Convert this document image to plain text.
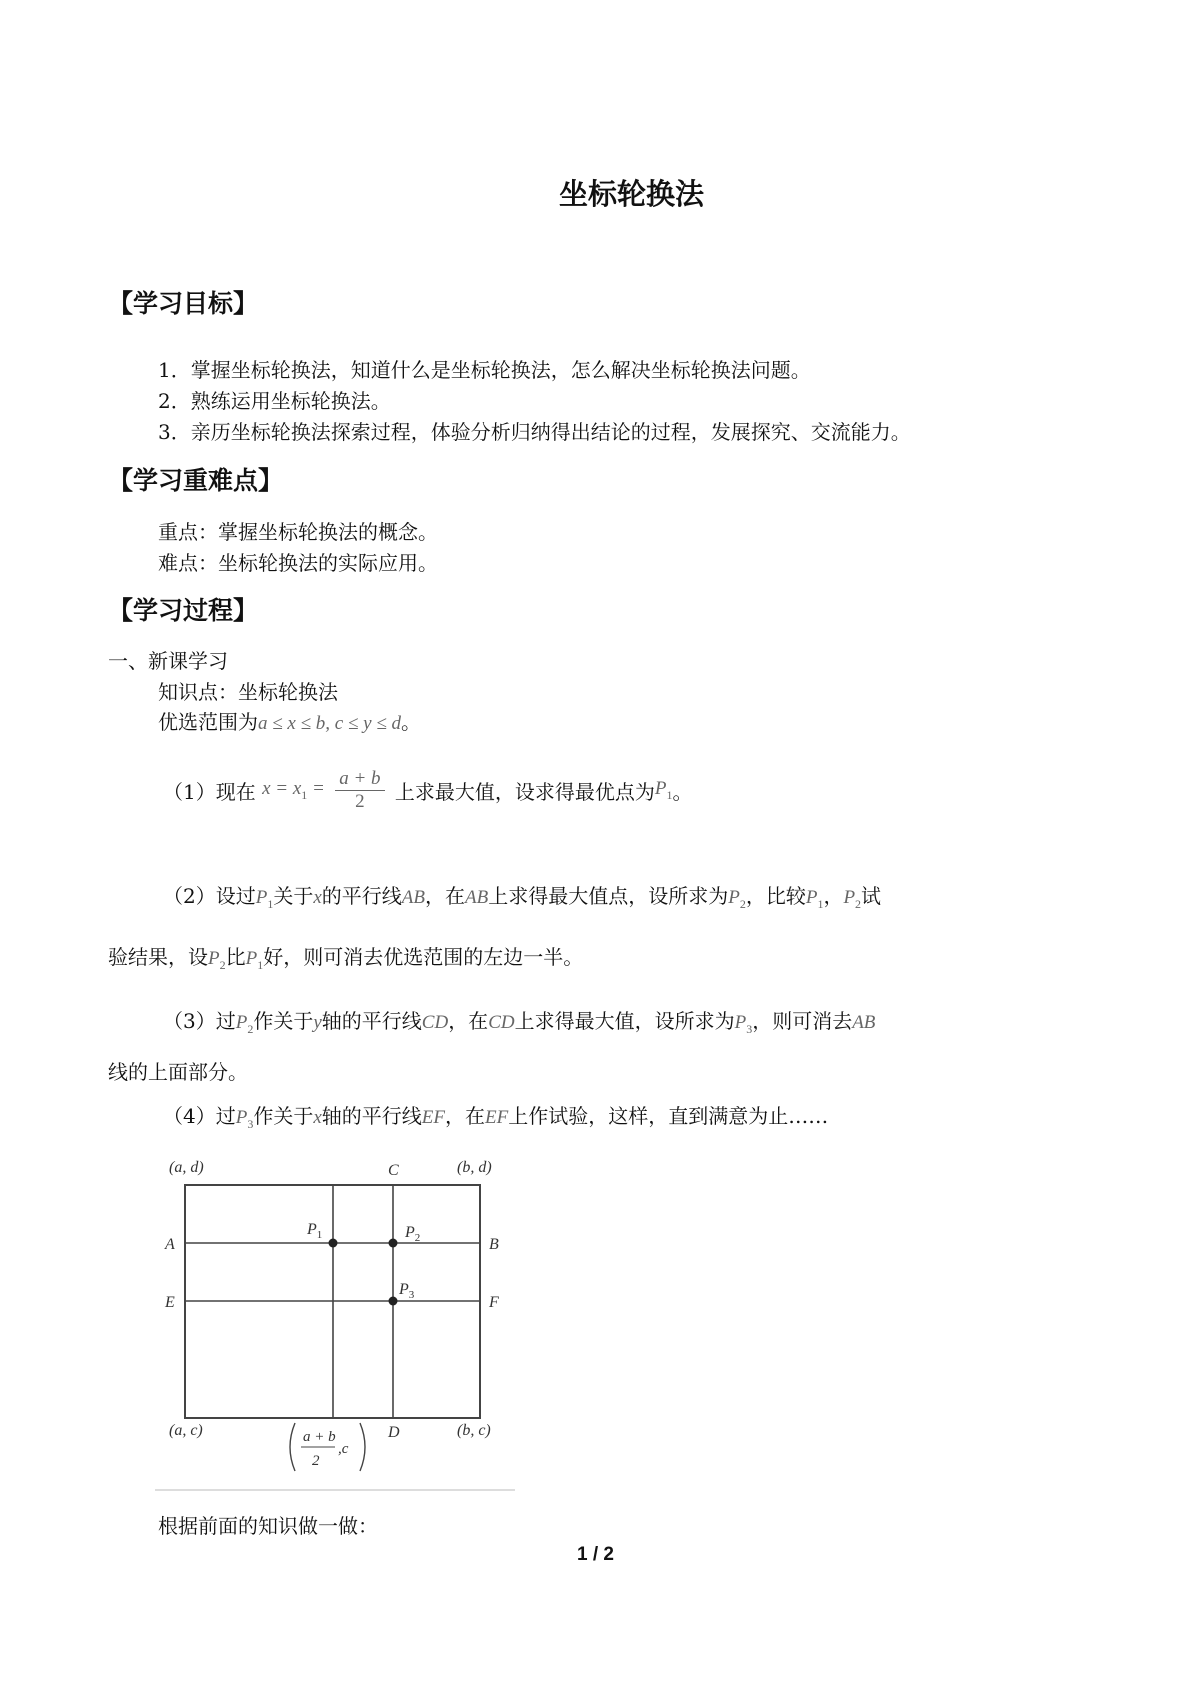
坐标轮换法
【学习目标】
1．掌握坐标轮换法，知道什么是坐标轮换法，怎么解决坐标轮换法问题。
2．熟练运用坐标轮换法。
3．亲历坐标轮换法探索过程，体验分析归纳得出结论的过程，发展探究、交流能力。
【学习重难点】
重点：掌握坐标轮换法的概念。
难点：坐标轮换法的实际应用。
【学习过程】
一、新课学习
知识点：坐标轮换法
优选范围为a ≤ x ≤ b, c ≤ y ≤ d。
（1）现在 $x = x_1 = \frac{a + b}{2}$ 上求最大值，设求得最优点为$P_1$。
（2）设过$P_1$关于x的平行线AB，在AB上求得最大值点，设所求为$P_2$，比较$P_1$，$P_2$试
验结果，设$P_2$比$P_1$好，则可消去优选范围的左边一半。
（3）过$P_2$作关于y轴的平行线CD，在CD上求得最大值，设所求为$P_3$，则可消去AB
线的上面部分。
（4）过$P_3$作关于x轴的平行线EF，在EF上作试验，这样，直到满意为止……
(a, d)	(b, d)
(a, c)	(b, c)
C
D
A	B
E	F
$P_1$	$P_2$
$P_3$
a + b
2
,c
根据前面的知识做一做：
1 / 2
